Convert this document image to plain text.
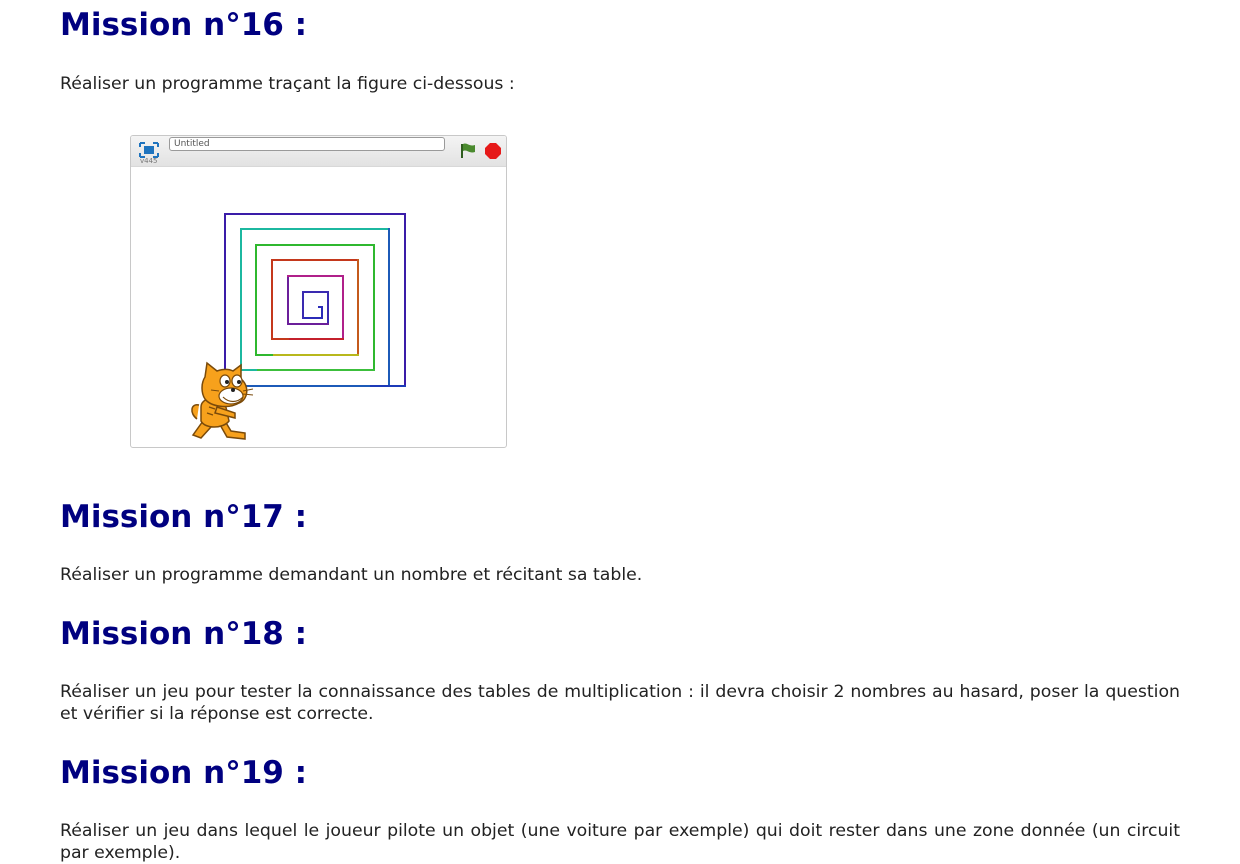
Mission n°16 :

Réaliser un programme traçant la figure ci-dessous :

v445
Untitled
Mission n°17 :

Réaliser un programme demandant un nombre et récitant sa table.

Mission n°18 :

Réaliser un jeu pour tester la connaissance des tables de multiplication : il devra choisir 2 nombres au hasard, poser la question et vérifier si la réponse est correcte.

Mission n°19 :

Réaliser un jeu dans lequel le joueur pilote un objet (une voiture par exemple) qui doit rester dans une zone donnée (un circuit par exemple).
